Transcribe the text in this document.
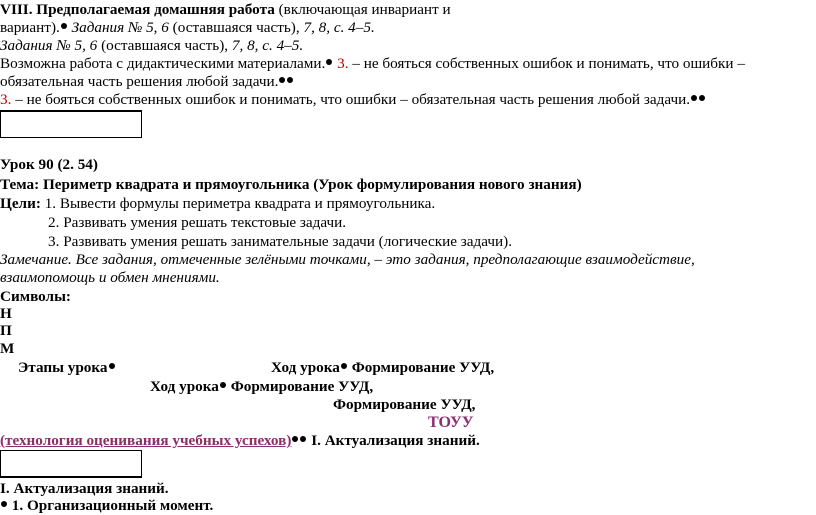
VIII. Предполагаемая домашняя работа (включающая инвариант и
вариант). Задания № 5, 6 (оставшаяся часть), 7, 8, с. 4–5.
Задания № 5, 6 (оставшаяся часть), 7, 8, с. 4–5.
Возможна работа с дидактическими материалами. 3. – не бояться собственных ошибок и понимать, что ошибки –
обязательная часть решения любой задачи.
3. – не бояться собственных ошибок и понимать, что ошибки – обязательная часть решения любой задачи.
Урок 90 (2. 54)
Тема: Периметр квадрата и прямоугольника (Урок формулирования нового знания)
Цели: 1. Вывести формулы периметра квадрата и прямоугольника.
2. Развивать умения решать текстовые задачи.
3. Развивать умения решать занимательные задачи (логические задачи).
Замечание. Все задания, отмеченные зелёными точками, – это задания, предполагающие взаимодействие,
взаимопомощь и обмен мнениями.
Символы:
Н
П
М
Этапы урока	Ход урока Формирование УУД,
Ход урока Формирование УУД,
Формирование УУД,
ТОУУ
(технология оценивания учебных успехов) I. Актуализация знаний.
I. Актуализация знаний.
1. Организационный момент.
